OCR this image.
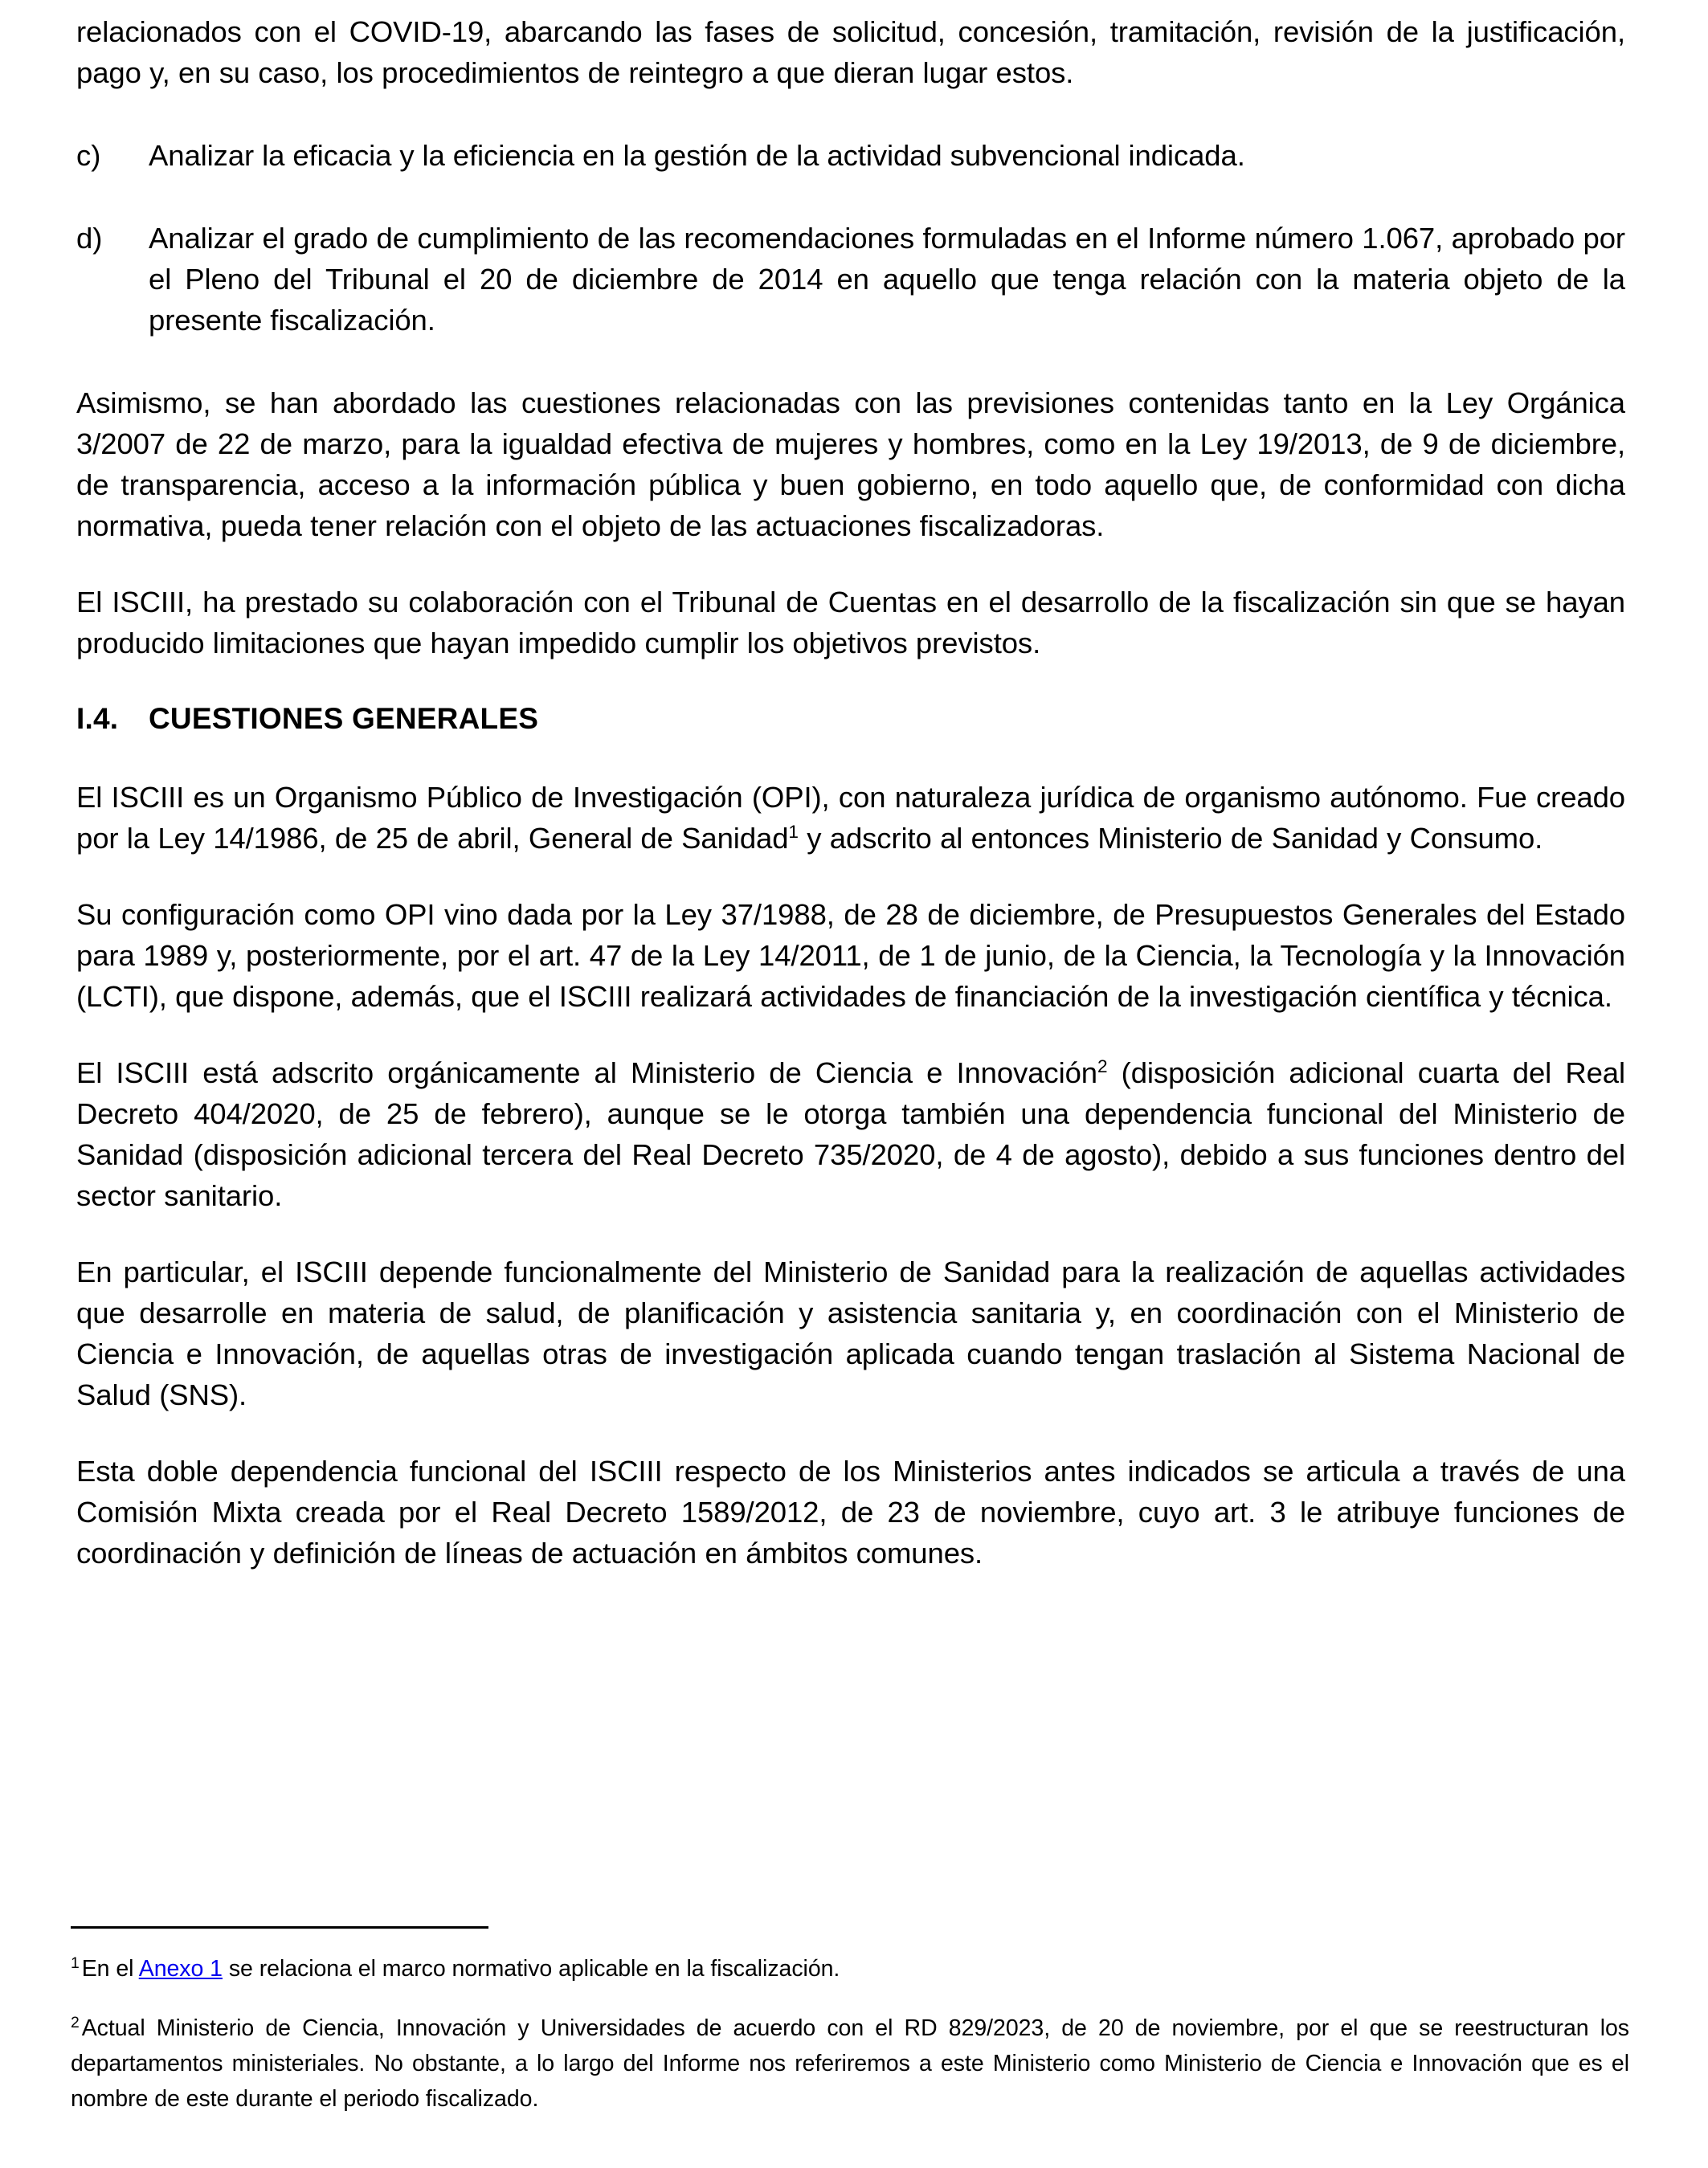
relacionados con el COVID-19, abarcando las fases de solicitud, concesión, tramitación, revisión de la justificación, pago y, en su caso, los procedimientos de reintegro a que dieran lugar estos.

c)	Analizar la eficacia y la eficiencia en la gestión de la actividad subvencional indicada.
d)	Analizar el grado de cumplimiento de las recomendaciones formuladas en el Informe número 1.067, aprobado por el Pleno del Tribunal el 20 de diciembre de 2014 en aquello que tenga relación con la materia objeto de la presente fiscalización.

Asimismo, se han abordado las cuestiones relacionadas con las previsiones contenidas tanto en la Ley Orgánica 3/2007 de 22 de marzo, para la igualdad efectiva de mujeres y hombres, como en la Ley 19/2013, de 9 de diciembre, de transparencia, acceso a la información pública y buen gobierno, en todo aquello que, de conformidad con dicha normativa, pueda tener relación con el objeto de las actuaciones fiscalizadoras.

El ISCIII, ha prestado su colaboración con el Tribunal de Cuentas en el desarrollo de la fiscalización sin que se hayan producido limitaciones que hayan impedido cumplir los objetivos previstos.

I.4.	CUESTIONES GENERALES

El ISCIII es un Organismo Público de Investigación (OPI), con naturaleza jurídica de organismo autónomo. Fue creado por la Ley 14/1986, de 25 de abril, General de Sanidad$^1$ y adscrito al entonces Ministerio de Sanidad y Consumo.

Su configuración como OPI vino dada por la Ley 37/1988, de 28 de diciembre, de Presupuestos Generales del Estado para 1989 y, posteriormente, por el art. 47 de la Ley 14/2011, de 1 de junio, de la Ciencia, la Tecnología y la Innovación (LCTI), que dispone, además, que el ISCIII realizará actividades de financiación de la investigación científica y técnica.

El ISCIII está adscrito orgánicamente al Ministerio de Ciencia e Innovación$^2$ (disposición adicional cuarta del Real Decreto 404/2020, de 25 de febrero), aunque se le otorga también una dependencia funcional del Ministerio de Sanidad (disposición adicional tercera del Real Decreto 735/2020, de 4 de agosto), debido a sus funciones dentro del sector sanitario.

En particular, el ISCIII depende funcionalmente del Ministerio de Sanidad para la realización de aquellas actividades que desarrolle en materia de salud, de planificación y asistencia sanitaria y, en coordinación con el Ministerio de Ciencia e Innovación, de aquellas otras de investigación aplicada cuando tengan traslación al Sistema Nacional de Salud (SNS).

Esta doble dependencia funcional del ISCIII respecto de los Ministerios antes indicados se articula a través de una Comisión Mixta creada por el Real Decreto 1589/2012, de 23 de noviembre, cuyo art. 3 le atribuye funciones de coordinación y definición de líneas de actuación en ámbitos comunes.

$^1$ En el Anexo 1 se relaciona el marco normativo aplicable en la fiscalización.

$^2$ Actual Ministerio de Ciencia, Innovación y Universidades de acuerdo con el RD 829/2023, de 20 de noviembre, por el que se reestructuran los departamentos ministeriales. No obstante, a lo largo del Informe nos referiremos a este Ministerio como Ministerio de Ciencia e Innovación que es el nombre de este durante el periodo fiscalizado.
